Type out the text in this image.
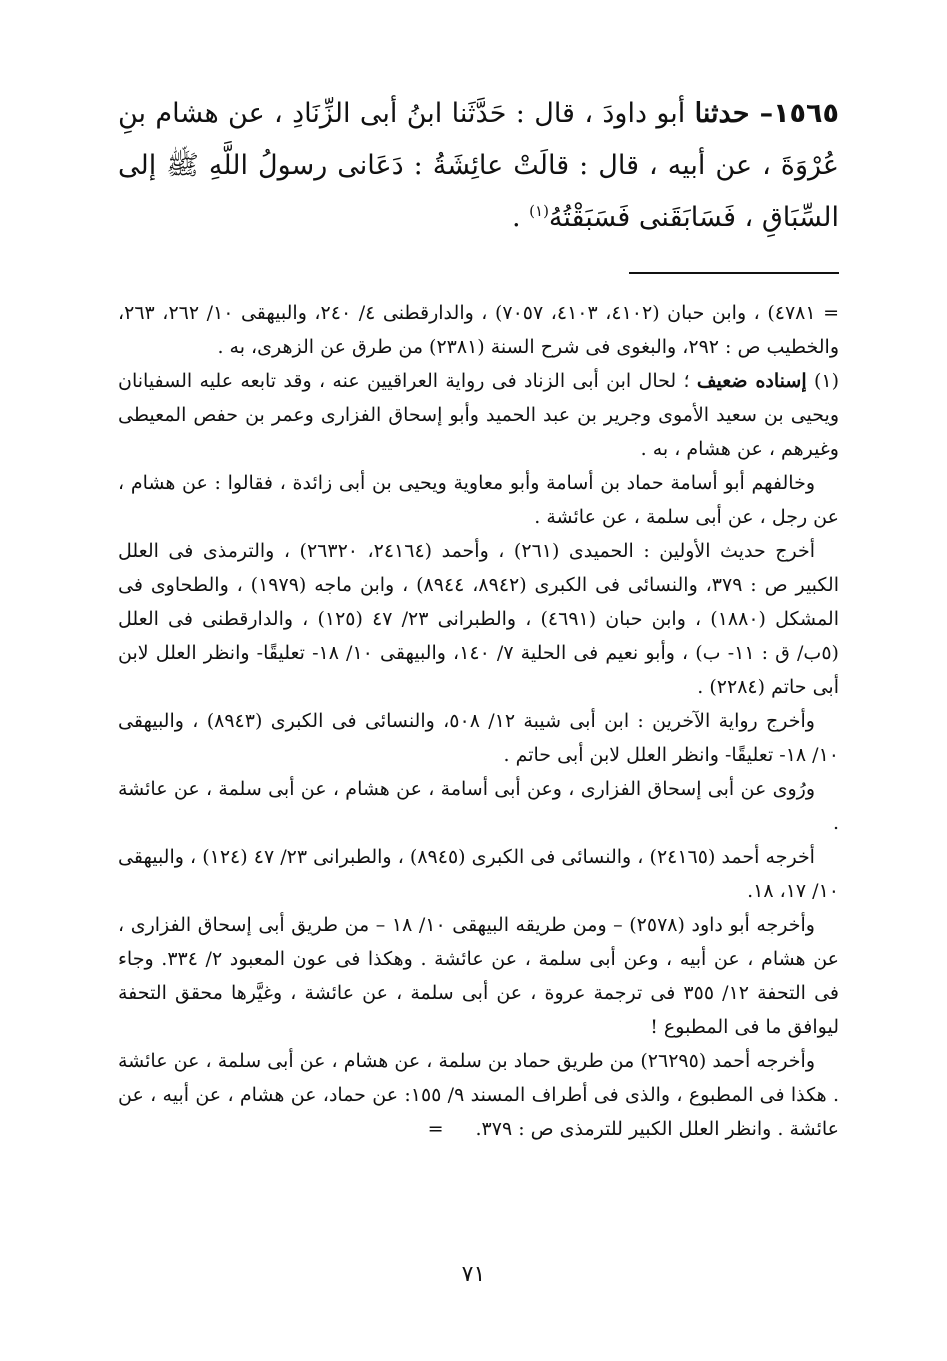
١٥٦٥– حدثنا أبو داودَ ، قال : حَدَّثَنا ابنُ أبى الزِّنَادِ ، عن هشام بنِ عُرْوَةَ ، عن أبيه ، قال : قالَتْ عائِشَةُ : دَعَانى رسولُ اللَّهِ ﷺ إلى السِّبَاقِ ، فَسَابَقَنى فَسَبَقْتُهُ$^{(١)}$ .

= ٤٧٨١) ، وابن حبان (٤١٠٢، ٤١٠٣، ٧٠٥٧) ، والدارقطنى ٤/ ٢٤٠، والبيهقى ١٠/ ٢٦٢، ٢٦٣، والخطيب ص : ٢٩٢، والبغوى فى شرح السنة (٢٣٨١) من طرق عن الزهرى، به .

(١) إسناده ضعيف ؛ لحال ابن أبى الزناد فى رواية العراقيين عنه ، وقد تابعه عليه السفيانان ويحيى بن سعيد الأموى وجرير بن عبد الحميد وأبو إسحاق الفزارى وعمر بن حفص المعيطى وغيرهم ، عن هشام ، به .

وخالفهم أبو أسامة حماد بن أسامة وأبو معاوية ويحيى بن أبى زائدة ، فقالوا : عن هشام ، عن رجل ، عن أبى سلمة ، عن عائشة .

أخرج حديث الأولين : الحميدى (٢٦١) ، وأحمد (٢٤١٦٤، ٢٦٣٢٠) ، والترمذى فى العلل الكبير ص : ٣٧٩، والنسائى فى الكبرى (٨٩٤٢، ٨٩٤٤) ، وابن ماجه (١٩٧٩) ، والطحاوى فى المشكل (١٨٨٠) ، وابن حبان (٤٦٩١) ، والطبرانى ٢٣/ ٤٧ (١٢٥) ، والدارقطنى فى العلل (٥ب/ ق : ١١- ب) ، وأبو نعيم فى الحلية ٧/ ١٤٠، والبيهقى ١٠/ ١٨- تعليقًا- وانظر العلل لابن أبى حاتم (٢٢٨٤) .

وأخرج رواية الآخرين : ابن أبى شيبة ١٢/ ٥٠٨، والنسائى فى الكبرى (٨٩٤٣) ، والبيهقى ١٠/ ١٨- تعليقًا- وانظر العلل لابن أبى حاتم .

ورُوى عن أبى إسحاق الفزارى ، وعن أبى أسامة ، عن هشام ، عن أبى سلمة ، عن عائشة .

أخرجه أحمد (٢٤١٦٥) ، والنسائى فى الكبرى (٨٩٤٥) ، والطبرانى ٢٣/ ٤٧ (١٢٤) ، والبيهقى ١٠/ ١٧، ١٨.

وأخرجه أبو داود (٢٥٧٨) – ومن طريقه البيهقى ١٠/ ١٨ – من طريق أبى إسحاق الفزارى ، عن هشام ، عن أبيه ، وعن أبى سلمة ، عن عائشة . وهكذا فى عون المعبود ٢/ ٣٣٤. وجاء فى التحفة ١٢/ ٣٥٥ فى ترجمة عروة ، عن أبى سلمة ، عن عائشة ، وغيَّرها محقق التحفة ليوافق ما فى المطبوع !

وأخرجه أحمد (٢٦٢٩٥) من طريق حماد بن سلمة ، عن هشام ، عن أبى سلمة ، عن عائشة . هكذا فى المطبوع ، والذى فى أطراف المسند ٩/ ١٥٥: عن حماد، عن هشام ، عن أبيه ، عن عائشة . وانظر العلل الكبير للترمذى ص : ٣٧٩.=

٧١
